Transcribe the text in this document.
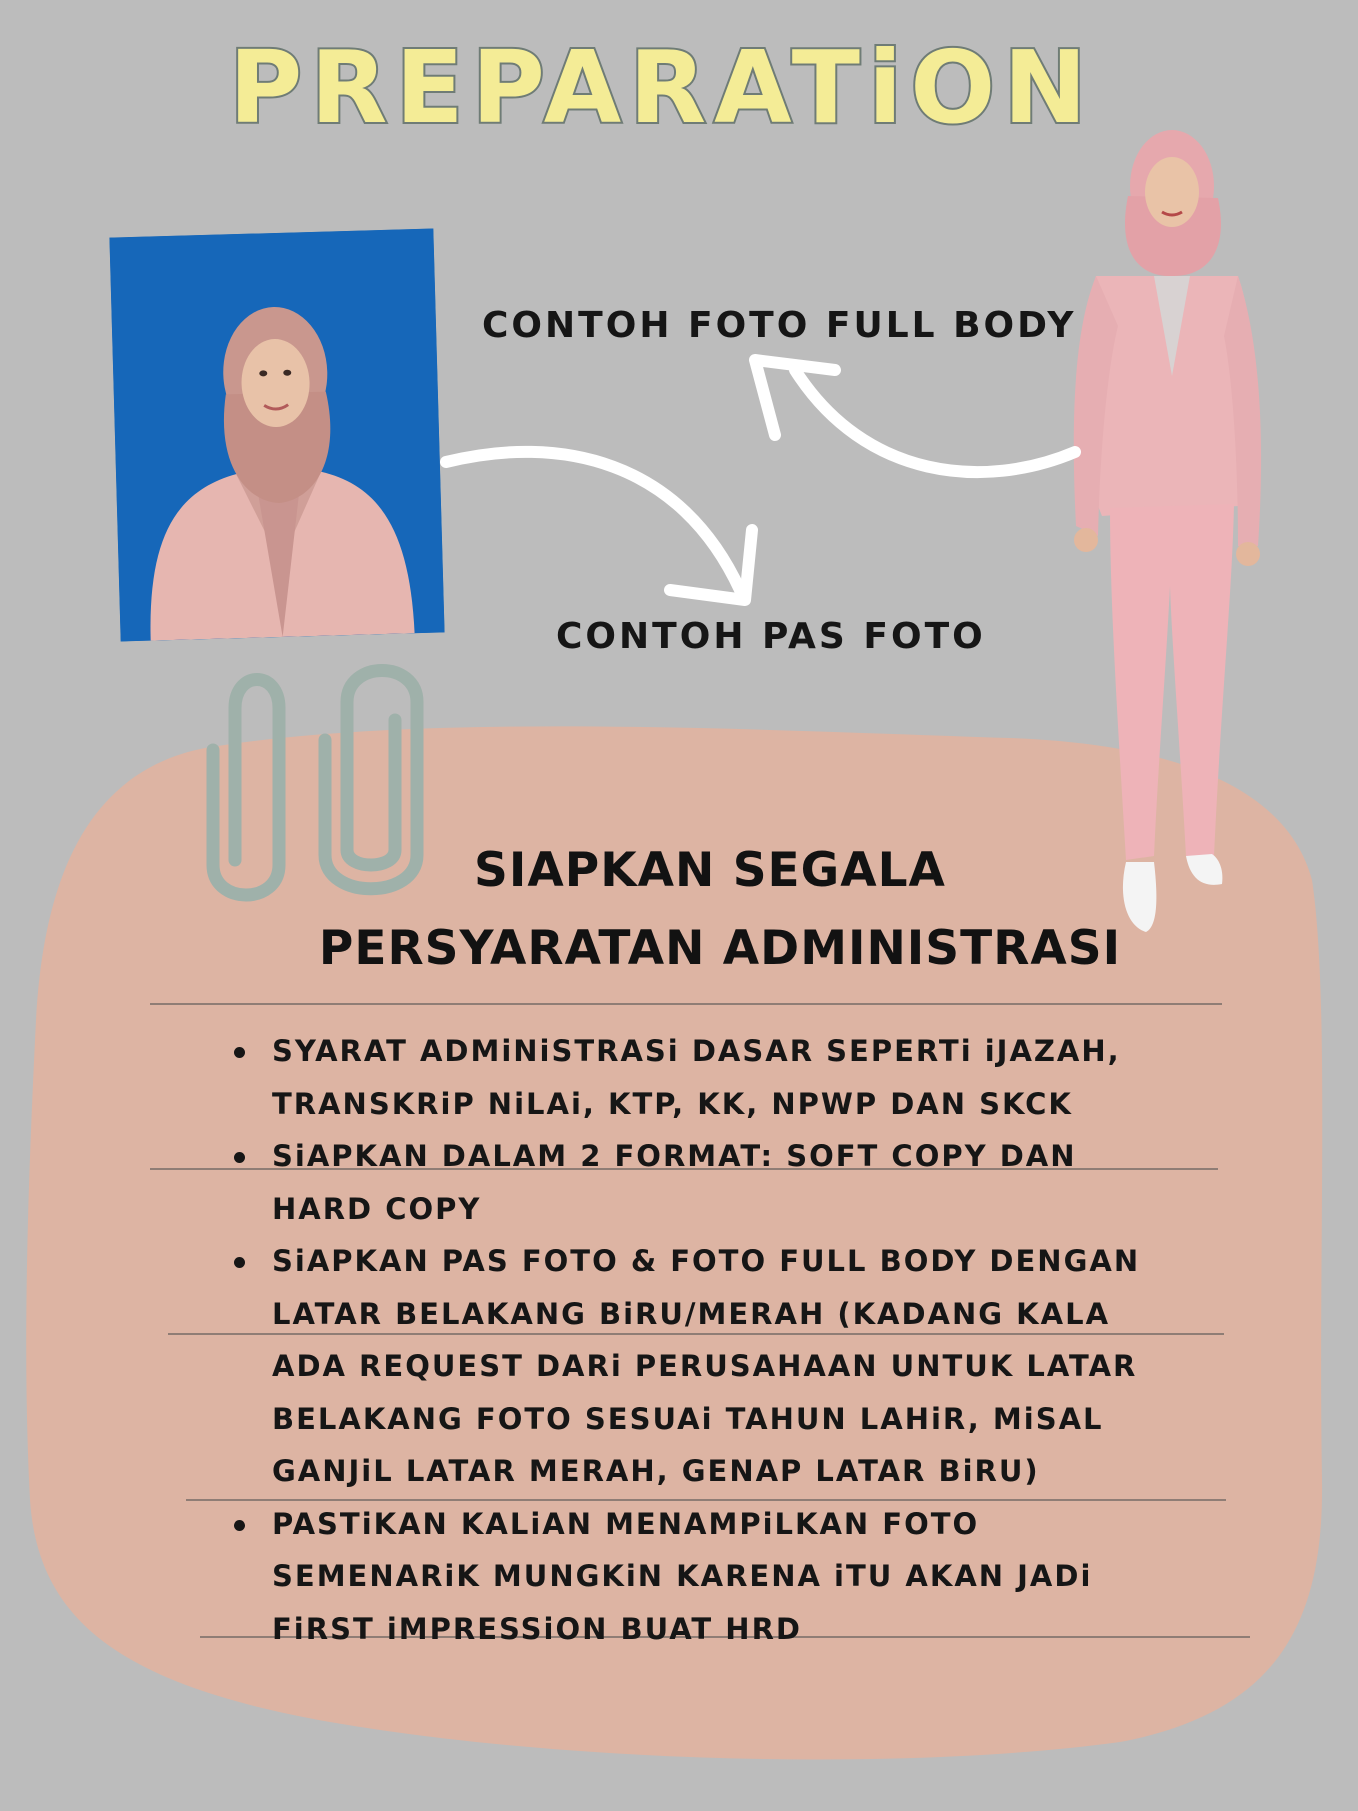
PREPARATiON
CONTOH FOTO FULL BODY
CONTOH PAS FOTO
SIAPKAN SEGALA
PERSYARATAN ADMINISTRASI
SYARAT ADMiNiSTRASi DASAR SEPERTi iJAZAH,
TRANSKRiP NiLAi, KTP, KK, NPWP DAN SKCK
SiAPKAN DALAM 2 FORMAT: SOFT COPY DAN
HARD COPY
SiAPKAN PAS FOTO & FOTO FULL BODY DENGAN
LATAR BELAKANG BiRU/MERAH (KADANG KALA
ADA REQUEST DARi PERUSAHAAN UNTUK LATAR
BELAKANG FOTO SESUAi TAHUN LAHiR, MiSAL
GANJiL LATAR MERAH, GENAP LATAR BiRU)
PASTiKAN KALiAN MENAMPiLKAN FOTO
SEMENARiK MUNGKiN KARENA iTU AKAN JADi
FiRST iMPRESSiON BUAT HRD
